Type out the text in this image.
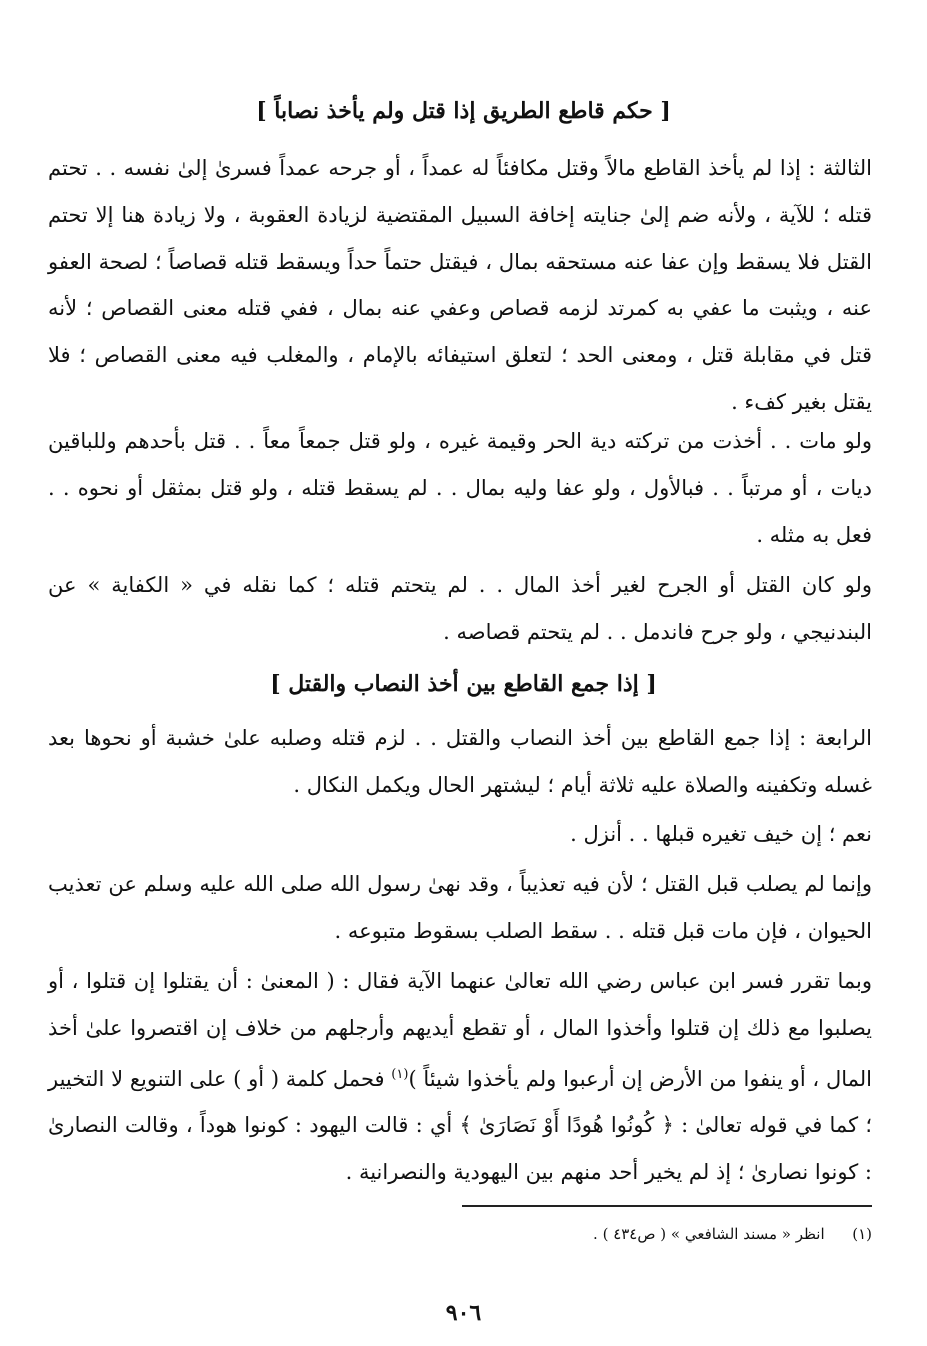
[ حكم قاطع الطريق إذا قتل ولم يأخذ نصاباً ]

الثالثة : إذا لم يأخذ القاطع مالاً وقتل مكافئاً له عمداً ، أو جرحه عمداً فسرىٰ إلىٰ نفسه . . تحتم قتله ؛ للآية ، ولأنه ضم إلىٰ جنايته إخافة السبيل المقتضية لزيادة العقوبة ، ولا زيادة هنا إلا تحتم القتل فلا يسقط وإن عفا عنه مستحقه بمال ، فيقتل حتماً حداً ويسقط قتله قصاصاً ؛ لصحة العفو عنه ، ويثبت ما عفي به كمرتد لزمه قصاص وعفي عنه بمال ، ففي قتله معنى القصاص ؛ لأنه قتل في مقابلة قتل ، ومعنى الحد ؛ لتعلق استيفائه بالإمام ، والمغلب فيه معنى القصاص ؛ فلا يقتل بغير كفء .

ولو مات . . أخذت من تركته دية الحر وقيمة غيره ، ولو قتل جمعاً معاً . . قتل بأحدهم وللباقين ديات ، أو مرتباً . . فبالأول ، ولو عفا وليه بمال . . لم يسقط قتله ، ولو قتل بمثقل أو نحوه . . فعل به مثله .

ولو كان القتل أو الجرح لغير أخذ المال . . لم يتحتم قتله ؛ كما نقله في « الكفاية » عن البندنيجي ، ولو جرح فاندمل . . لم يتحتم قصاصه .

[ إذا جمع القاطع بين أخذ النصاب والقتل ]

الرابعة : إذا جمع القاطع بين أخذ النصاب والقتل . . لزم قتله وصلبه علىٰ خشبة أو نحوها بعد غسله وتكفينه والصلاة عليه ثلاثة أيام ؛ ليشتهر الحال ويكمل النكال .

نعم ؛ إن خيف تغيره قبلها . . أنزل .

وإنما لم يصلب قبل القتل ؛ لأن فيه تعذيباً ، وقد نهىٰ رسول الله صلى الله عليه وسلم عن تعذيب الحيوان ، فإن مات قبل قتله . . سقط الصلب بسقوط متبوعه .

وبما تقرر فسر ابن عباس رضي الله تعالىٰ عنهما الآية فقال : ( المعنىٰ : أن يقتلوا إن قتلوا ، أو يصلبوا مع ذلك إن قتلوا وأخذوا المال ، أو تقطع أيديهم وأرجلهم من خلاف إن اقتصروا علىٰ أخذ المال ، أو ينفوا من الأرض إن أرعبوا ولم يأخذوا شيئاً )$^{(١)}$ فحمل كلمة ( أو ) على التنويع لا التخيير ؛ كما في قوله تعالىٰ : ﴿ كُونُوا هُودًا أَوْ نَصَارَىٰ ﴾ أي : قالت اليهود : كونوا هوداً ، وقالت النصارىٰ : كونوا نصارىٰ ؛ إذ لم يخير أحد منهم بين اليهودية والنصرانية .

(١)  انظر « مسند الشافعي » ( ص٤٣٤ ) .
٩٠٦
